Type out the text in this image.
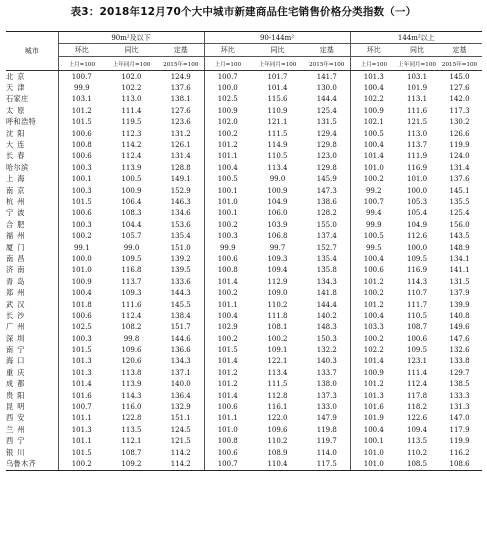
表3：2018年12月70个大中城市新建商品住宅销售价格分类指数（一）
城市	90m²及以下			90-144m²			144m²以上		
	环比	同比	定基	环比	同比	定基	环比	同比	定基
	上月=100	上年同月=100	2015年=100	上月=100	上年同月=100	2015年=100	上月=100	上年同月=100	2015年=100
北京	100.7	102.0	124.9	100.7	101.7	141.7	101.3	103.1	145.0
天津	99.9	102.2	137.6	100.0	101.4	130.0	100.4	101.9	127.6
石家庄	103.1	113.0	138.1	102.5	115.6	144.4	102.2	113.1	142.0
太原	101.2	111.4	127.6	100.9	110.9	125.4	100.9	111.6	117.3
呼和浩特	101.5	119.5	123.6	102.0	121.1	131.5	102.1	121.5	130.2
沈阳	100.6	112.3	131.2	100.2	111.5	129.4	100.5	113.0	126.6
大连	100.8	114.2	126.1	101.2	114.9	129.8	100.4	113.7	119.9
长春	100.6	112.4	131.4	101.1	110.5	123.0	101.4	111.9	124.0
哈尔滨	100.3	113.9	128.8	100.4	113.4	129.8	101.0	116.9	131.4
上海	100.1	100.5	149.1	100.5	99.0	145.9	100.2	101.0	137.6
南京	100.3	100.9	152.9	100.1	100.9	147.3	99.2	100.0	145.1
杭州	101.5	106.4	146.3	101.0	104.9	138.6	100.7	105.3	135.5
宁波	100.6	108.3	134.6	100.1	106.0	128.2	99.4	105.4	125.4
合肥	100.3	104.4	153.6	100.2	103.9	155.0	99.9	104.9	156.0
福州	100.2	105.7	135.4	100.3	106.8	137.4	100.5	112.6	143.5
厦门	99.1	99.0	151.0	99.9	99.7	152.7	99.5	100.0	148.9
南昌	100.0	109.5	139.2	100.6	109.3	135.4	100.4	109.5	134.1
济南	101.0	116.8	139.5	100.8	109.4	135.8	100.6	116.9	141.1
青岛	100.9	113.7	133.6	101.4	112.9	134.3	101.2	114.3	131.5
郑州	100.4	109.3	144.3	100.2	109.0	141.8	100.2	110.7	137.9
武汉	101.8	111.6	145.5	101.1	110.2	144.4	101.2	111.7	139.9
长沙	100.6	112.4	138.4	100.4	111.8	140.2	100.4	110.5	140.8
广州	102.5	108.2	151.7	102.9	108.1	148.3	103.3	108.7	149.6
深圳	100.3	99.8	144.6	100.2	100.2	150.3	100.2	100.6	147.6
南宁	101.5	109.6	136.6	101.5	109.1	132.2	102.2	109.5	132.6
海口	101.3	120.6	134.3	101.4	122.1	140.3	101.4	123.1	133.8
重庆	101.3	113.8	137.1	101.2	113.4	133.7	100.9	111.4	129.7
成都	101.4	113.9	140.0	101.2	111.5	138.0	101.2	112.4	138.5
贵阳	101.6	114.3	136.4	101.4	112.8	137.3	101.3	117.8	133.3
昆明	100.7	116.0	132.9	100.6	116.1	133.0	101.6	118.2	131.3
西安	101.1	122.8	151.1	101.1	122.0	147.9	101.9	122.6	147.0
兰州	101.3	113.5	124.5	101.0	109.6	119.8	100.4	109.4	117.9
西宁	101.1	112.1	121.5	100.8	110.2	119.7	100.1	113.5	119.9
银川	101.5	108.7	114.2	100.6	108.9	114.0	101.0	110.2	116.2
乌鲁木齐	100.2	109.2	114.2	100.7	110.4	117.5	101.0	108.5	108.6
